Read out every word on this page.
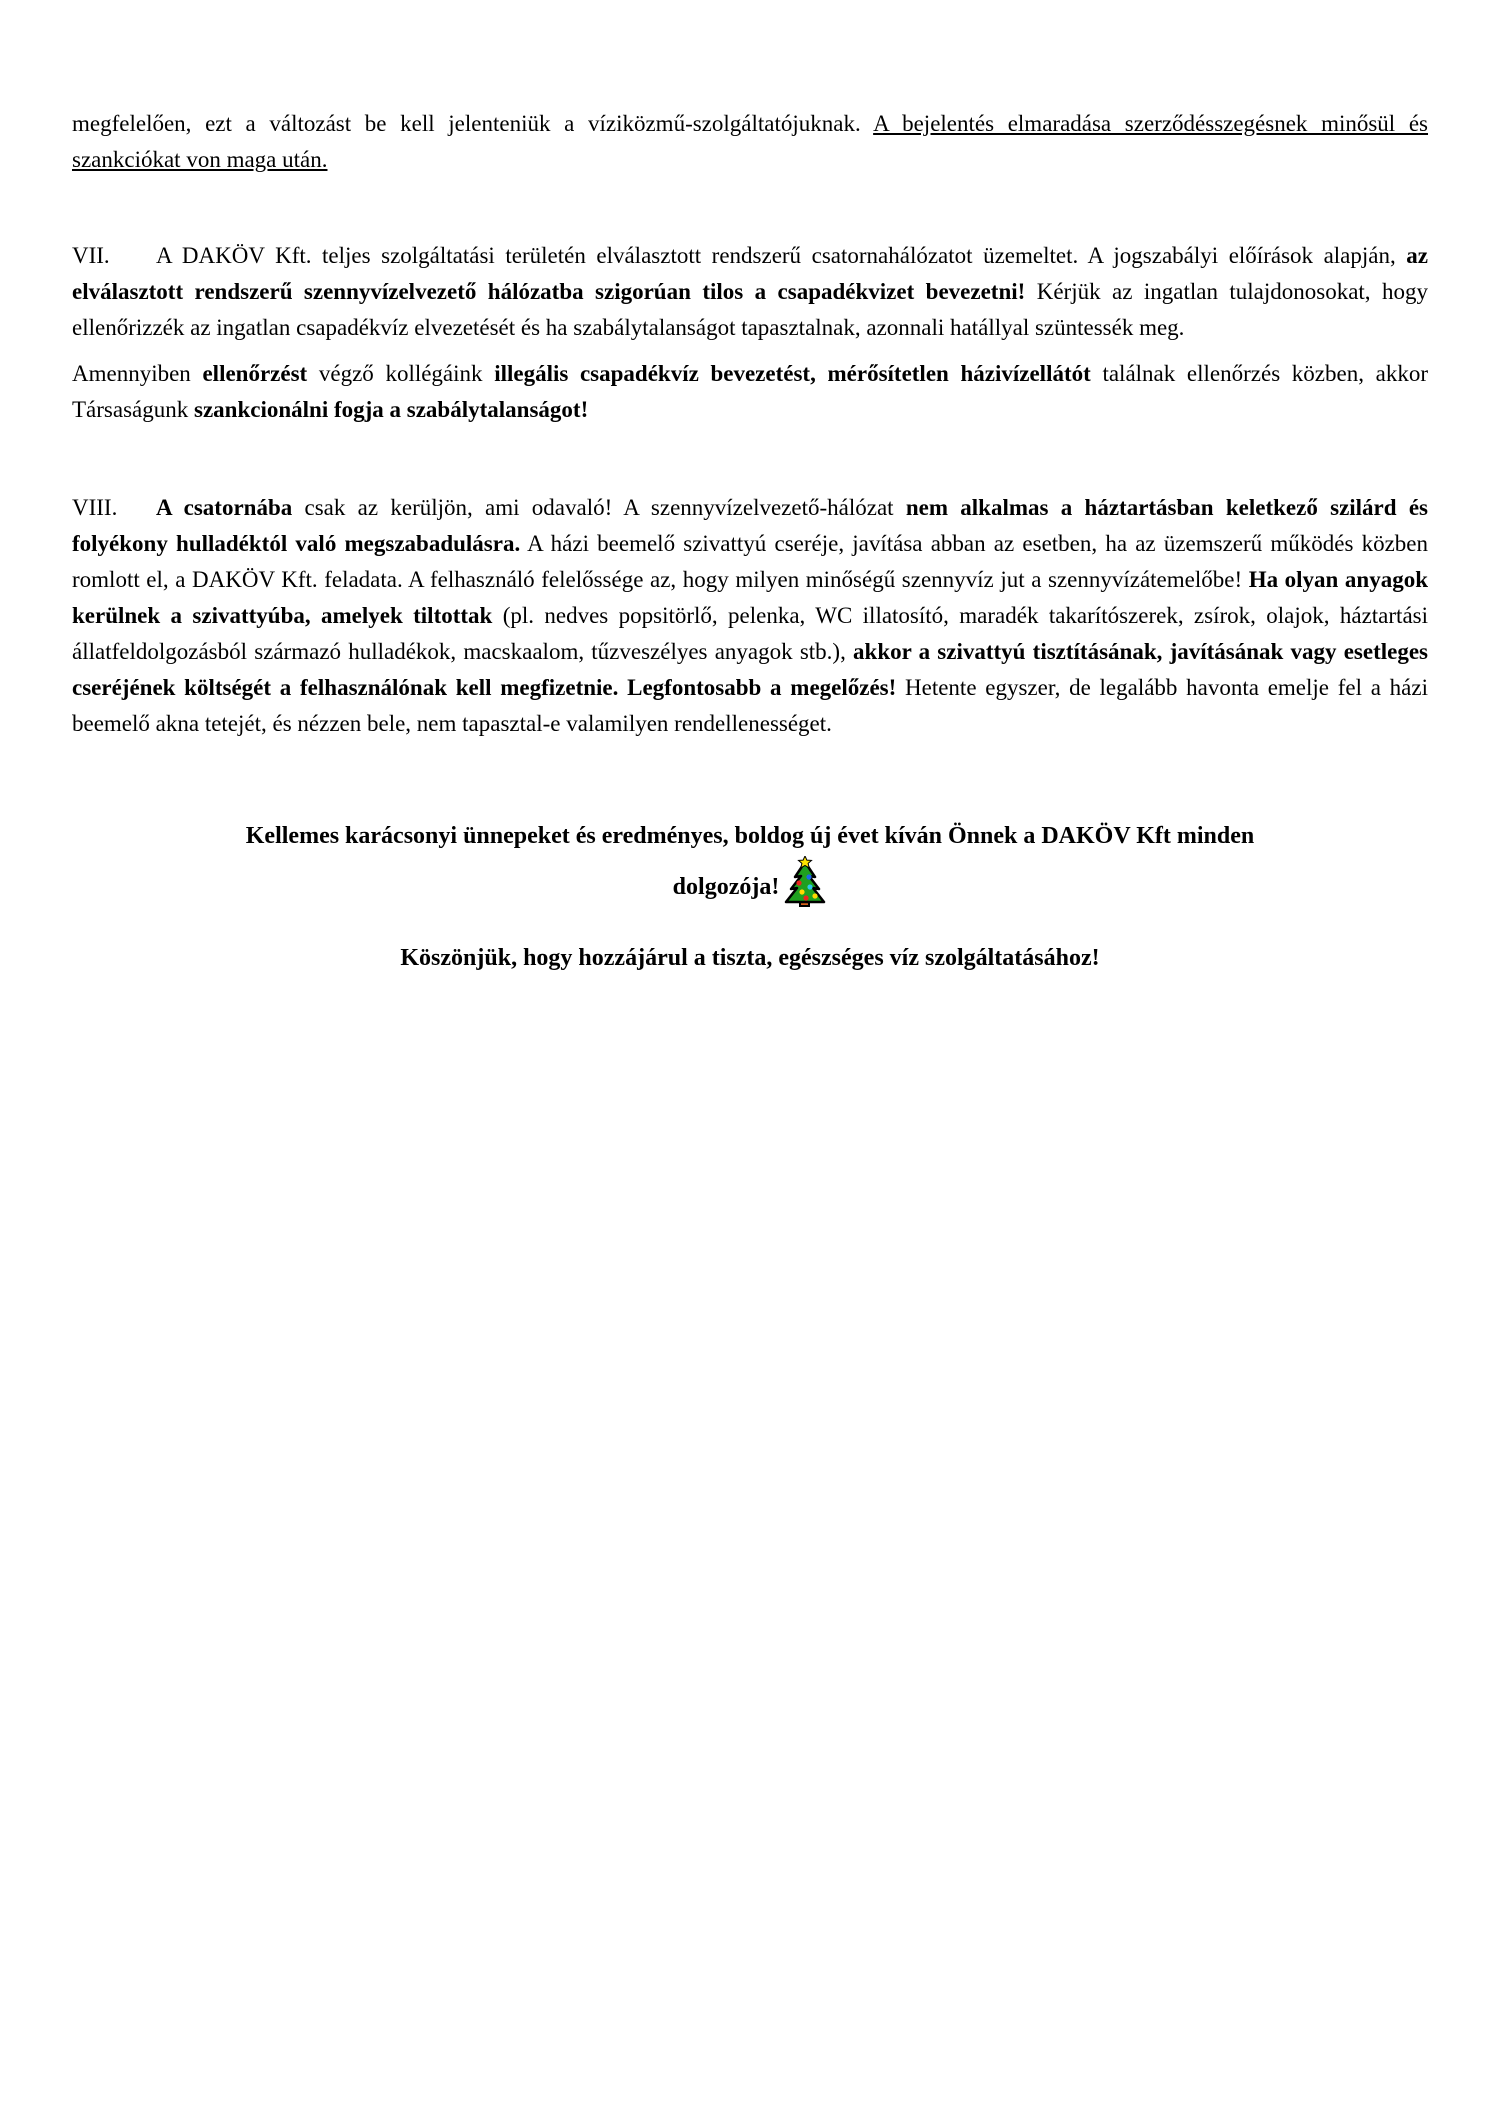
megfelelően, ezt a változást be kell jelenteniük a víziközmű-szolgáltatójuknak. A bejelentés elmaradása szerződésszegésnek minősül és szankciókat von maga után.

VII. A DAKÖV Kft. teljes szolgáltatási területén elválasztott rendszerű csatornahálózatot üzemeltet. A jogszabályi előírások alapján, az elválasztott rendszerű szennyvízelvezető hálózatba szigorúan tilos a csapadékvizet bevezetni! Kérjük az ingatlan tulajdonosokat, hogy ellenőrizzék az ingatlan csapadékvíz elvezetését és ha szabálytalanságot tapasztalnak, azonnali hatállyal szüntessék meg.

Amennyiben ellenőrzést végző kollégáink illegális csapadékvíz bevezetést, mérősítetlen házivízellátót találnak ellenőrzés közben, akkor Társaságunk szankcionálni fogja a szabálytalanságot!

VIII. A csatornába csak az kerüljön, ami odavaló! A szennyvízelvezető-hálózat nem alkalmas a háztartásban keletkező szilárd és folyékony hulladéktól való megszabadulásra. A házi beemelő szivattyú cseréje, javítása abban az esetben, ha az üzemszerű működés közben romlott el, a DAKÖV Kft. feladata. A felhasználó felelőssége az, hogy milyen minőségű szennyvíz jut a szennyvízátemelőbe! Ha olyan anyagok kerülnek a szivattyúba, amelyek tiltottak (pl. nedves popsitörlő, pelenka, WC illatosító, maradék takarítószerek, zsírok, olajok, háztartási állatfeldolgozásból származó hulladékok, macskaalom, tűzveszélyes anyagok stb.), akkor a szivattyú tisztításának, javításának vagy esetleges cseréjének költségét a felhasználónak kell megfizetnie. Legfontosabb a megelőzés! Hetente egyszer, de legalább havonta emelje fel a házi beemelő akna tetejét, és nézzen bele, nem tapasztal-e valamilyen rendellenességet.

Kellemes karácsonyi ünnepeket és eredményes, boldog új évet kíván Önnek a DAKÖV Kft minden
dolgozója!

Köszönjük, hogy hozzájárul a tiszta, egészséges víz szolgáltatásához!
